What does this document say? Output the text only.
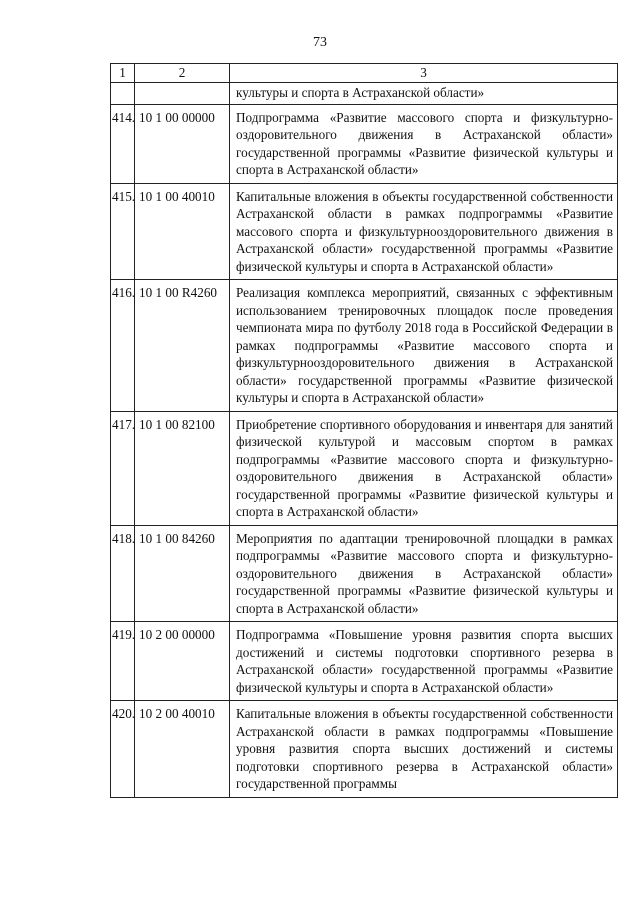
73
1	2	3
		культуры и спорта в Астраханской области»
414.	10 1 00 00000	Подпрограмма «Развитие массового спорта и физкультурно-оздоровительного движения в Астраханской области» государственной программы «Развитие физической культуры и спорта в Астраханской области»
415.	10 1 00 40010	Капитальные вложения в объекты государственной собственности Астраханской области в рамках подпрограммы «Развитие массового спорта и физкультурнооздоровительного движения в Астраханской области» государственной программы «Развитие физической культуры и спорта в Астраханской области»
416.	10 1 00 R4260	Реализация комплекса мероприятий, связанных с эффективным использованием тренировочных площадок после проведения чемпионата мира по футболу 2018 года в Российской Федерации в рамках подпрограммы «Развитие массового спорта и физкультурнооздоровительного движения в Астраханской области» государственной программы «Развитие физической культуры и спорта в Астраханской области»
417.	10 1 00 82100	Приобретение спортивного оборудования и инвентаря для занятий физической культурой и массовым спортом в рамках подпрограммы «Развитие массового спорта и физкультурно-оздоровительного движения в Астраханской области» государственной программы «Развитие физической культуры и спорта в Астраханской области»
418.	10 1 00 84260	Мероприятия по адаптации тренировочной площадки в рамках подпрограммы «Развитие массового спорта и физкультурно-оздоровительного движения в Астраханской области» государственной программы «Развитие физической культуры и спорта в Астраханской области»
419.	10 2 00 00000	Подпрограмма «Повышение уровня развития спорта высших достижений и системы подготовки спортивного резерва в Астраханской области» государственной программы «Развитие физической культуры и спорта в Астраханской области»
420.	10 2 00 40010	Капитальные вложения в объекты государственной собственности Астраханской области в рамках подпрограммы «Повышение уровня развития спорта высших достижений и системы подготовки спортивного резерва в Астраханской области» государственной программы
